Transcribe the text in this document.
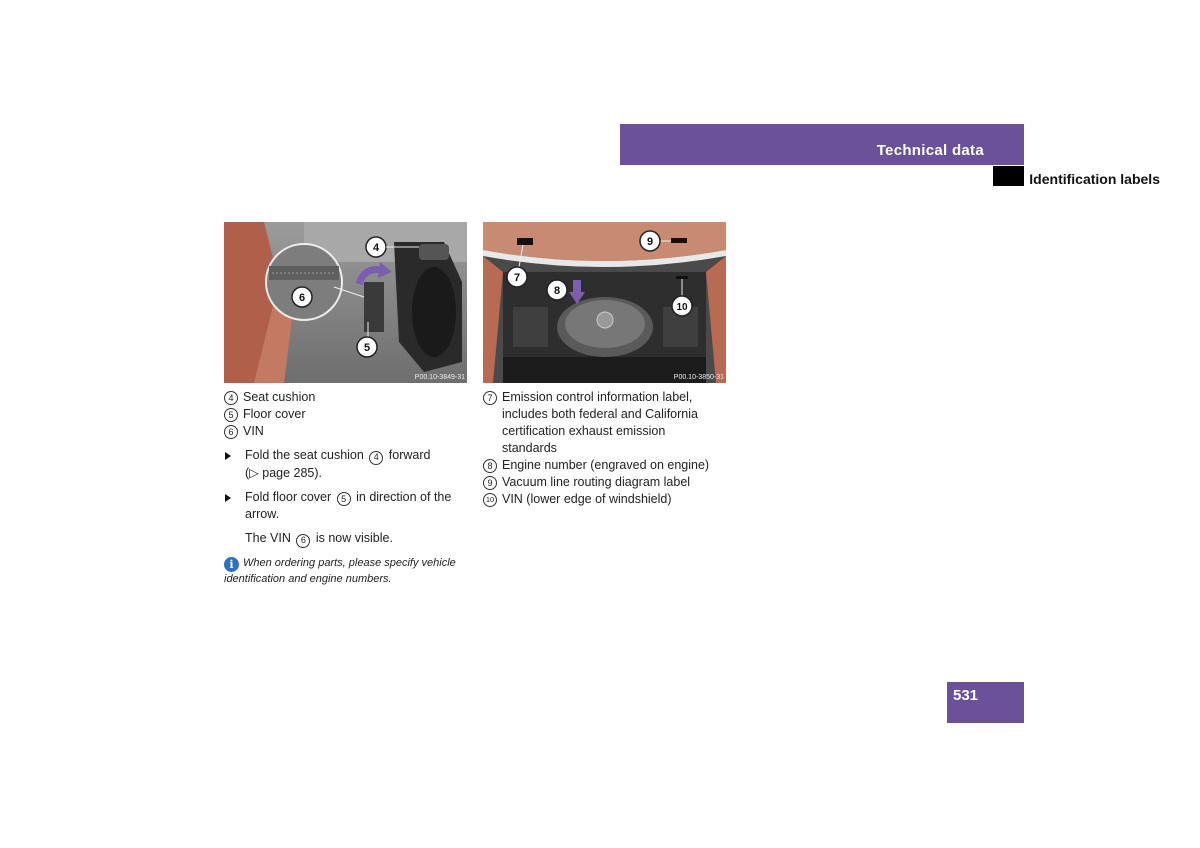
Technical data
Identification labels
4
6
5
P00.10-3849-31
7
8
9
10
P00.10-3850-31
4 Seat cushion
5 Floor cover
6 VIN
Fold the seat cushion 4 forward
(▷ page 285).
Fold floor cover 5 in direction of the arrow.
The VIN 6 is now visible.
i When ordering parts, please specify vehicle identification and engine numbers.
7 Emission control information label, includes both federal and California certification exhaust emission standards
8 Engine number (engraved on engine)
9 Vacuum line routing diagram label
10 VIN (lower edge of windshield)
531
